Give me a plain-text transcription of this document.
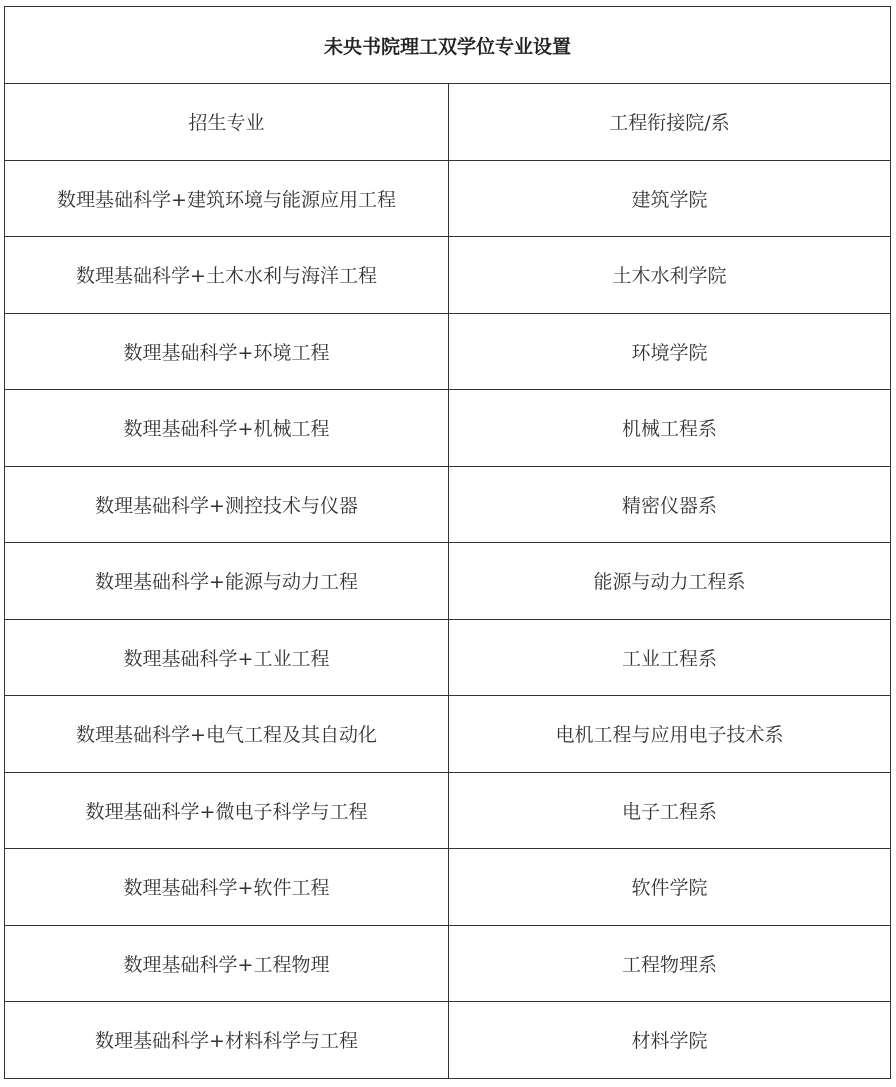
未央书院理工双学位专业设置	
招生专业	工程衔接院/系
数理基础科学+建筑环境与能源应用工程	建筑学院
数理基础科学+土木水利与海洋工程	土木水利学院
数理基础科学+环境工程	环境学院
数理基础科学+机械工程	机械工程系
数理基础科学+测控技术与仪器	精密仪器系
数理基础科学+能源与动力工程	能源与动力工程系
数理基础科学+工业工程	工业工程系
数理基础科学+电气工程及其自动化	电机工程与应用电子技术系
数理基础科学+微电子科学与工程	电子工程系
数理基础科学+软件工程	软件学院
数理基础科学+工程物理	工程物理系
数理基础科学+材料科学与工程	材料学院
